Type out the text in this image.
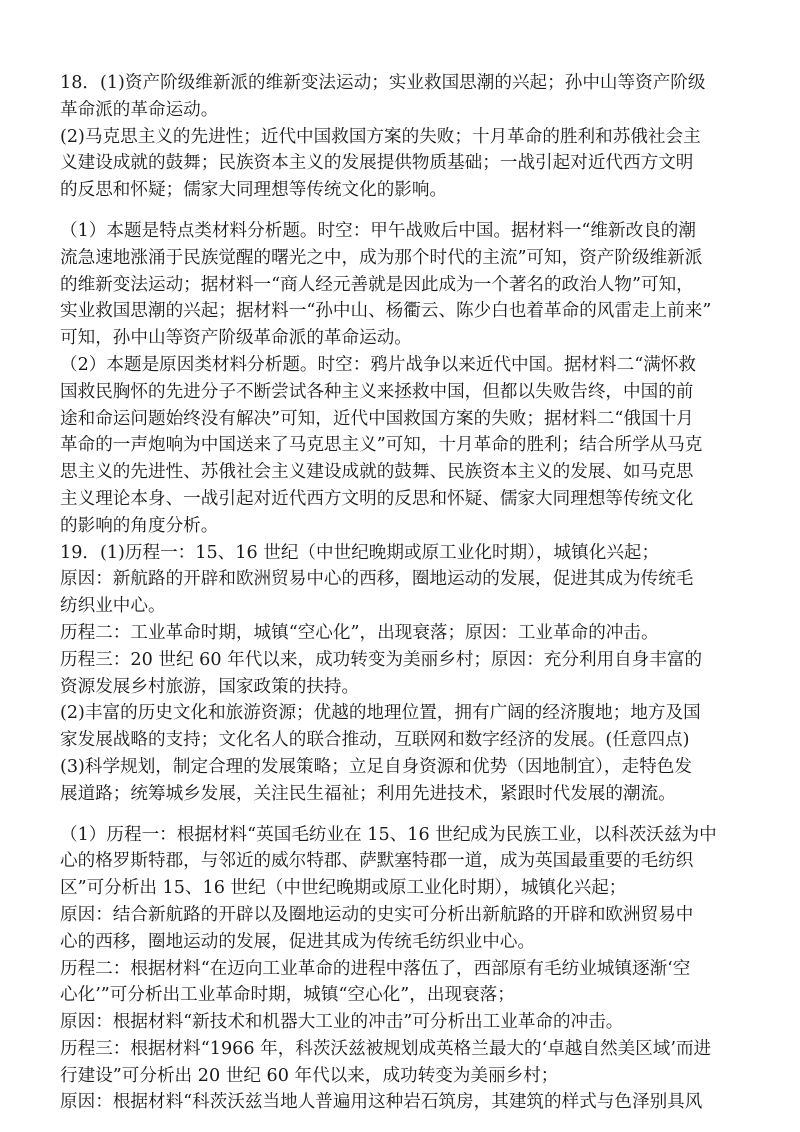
18．(1)资产阶级维新派的维新变法运动；实业救国思潮的兴起；孙中山等资产阶级
革命派的革命运动。
(2)马克思主义的先进性；近代中国救国方案的失败；十月革命的胜利和苏俄社会主
义建设成就的鼓舞；民族资本主义的发展提供物质基础；一战引起对近代西方文明
的反思和怀疑；儒家大同理想等传统文化的影响。
（1）本题是特点类材料分析题。时空：甲午战败后中国。据材料一“维新改良的潮
流急速地涨涌于民族觉醒的曙光之中，成为那个时代的主流”可知，资产阶级维新派
的维新变法运动；据材料一“商人经元善就是因此成为一个著名的政治人物”可知，
实业救国思潮的兴起；据材料一“孙中山、杨衢云、陈少白也着革命的风雷走上前来”
可知，孙中山等资产阶级革命派的革命运动。
（2）本题是原因类材料分析题。时空：鸦片战争以来近代中国。据材料二“满怀救
国救民胸怀的先进分子不断尝试各种主义来拯救中国，但都以失败告终，中国的前
途和命运问题始终没有解决”可知，近代中国救国方案的失败；据材料二“俄国十月
革命的一声炮响为中国送来了马克思主义”可知，十月革命的胜利；结合所学从马克
思主义的先进性、苏俄社会主义建设成就的鼓舞、民族资本主义的发展、如马克思
主义理论本身、一战引起对近代西方文明的反思和怀疑、儒家大同理想等传统文化
的影响的角度分析。
19．(1)历程一：15、16 世纪（中世纪晚期或原工业化时期），城镇化兴起；
原因：新航路的开辟和欧洲贸易中心的西移，圈地运动的发展，促进其成为传统毛
纺织业中心。
历程二：工业革命时期，城镇“空心化”，出现衰落；原因：工业革命的冲击。
历程三：20 世纪 60 年代以来，成功转变为美丽乡村；原因：充分利用自身丰富的
资源发展乡村旅游，国家政策的扶持。
(2)丰富的历史文化和旅游资源；优越的地理位置，拥有广阔的经济腹地；地方及国
家发展战略的支持；文化名人的联合推动，互联网和数字经济的发展。(任意四点)
(3)科学规划，制定合理的发展策略；立足自身资源和优势（因地制宜），走特色发
展道路；统筹城乡发展，关注民生福祉；利用先进技术，紧跟时代发展的潮流。
（1）历程一：根据材料“英国毛纺业在 15、16 世纪成为民族工业，以科茨沃兹为中
心的格罗斯特郡，与邻近的威尔特郡、萨默塞特郡一道，成为英国最重要的毛纺织
区”可分析出 15、16 世纪（中世纪晚期或原工业化时期），城镇化兴起；
原因：结合新航路的开辟以及圈地运动的史实可分析出新航路的开辟和欧洲贸易中
心的西移，圈地运动的发展，促进其成为传统毛纺织业中心。
历程二：根据材料“在迈向工业革命的进程中落伍了，西部原有毛纺业城镇逐渐‘空
心化’”可分析出工业革命时期，城镇“空心化”，出现衰落；
原因：根据材料“新技术和机器大工业的冲击”可分析出工业革命的冲击。
历程三：根据材料“1966 年，科茨沃兹被规划成英格兰最大的‘卓越自然美区域’而进
行建设”可分析出 20 世纪 60 年代以来，成功转变为美丽乡村；
原因：根据材料“科茨沃兹当地人普遍用这种岩石筑房，其建筑的样式与色泽别具风
